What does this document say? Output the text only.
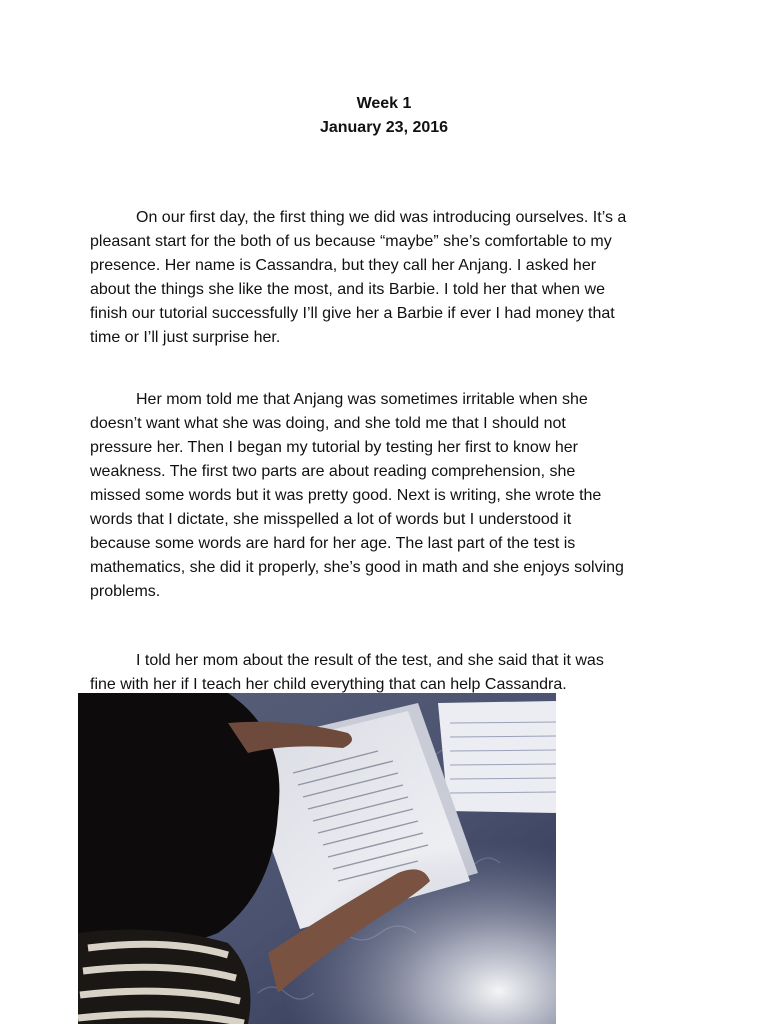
Week 1
January 23, 2016

On our first day, the first thing we did was introducing ourselves. It’s a
pleasant start for the both of us because “maybe” she’s comfortable to my
presence. Her name is Cassandra, but they call her Anjang. I asked her
about the things she like the most, and its Barbie. I told her that when we
finish our tutorial successfully I’ll give her a Barbie if ever I had money that
time or I’ll just surprise her.

Her mom told me that Anjang was sometimes irritable when she
doesn’t want what she was doing, and she told me that I should not
pressure her. Then I began my tutorial by testing her first to know her
weakness. The first two parts are about reading comprehension, she
missed some words but it was pretty good. Next is writing, she wrote the
words that I dictate, she misspelled a lot of words but I understood it
because some words are hard for her age. The last part of the test is
mathematics, she did it properly, she’s good in math and she enjoys solving
problems.

I told her mom about the result of the test, and she said that it was
fine with her if I teach her child everything that can help Cassandra.
